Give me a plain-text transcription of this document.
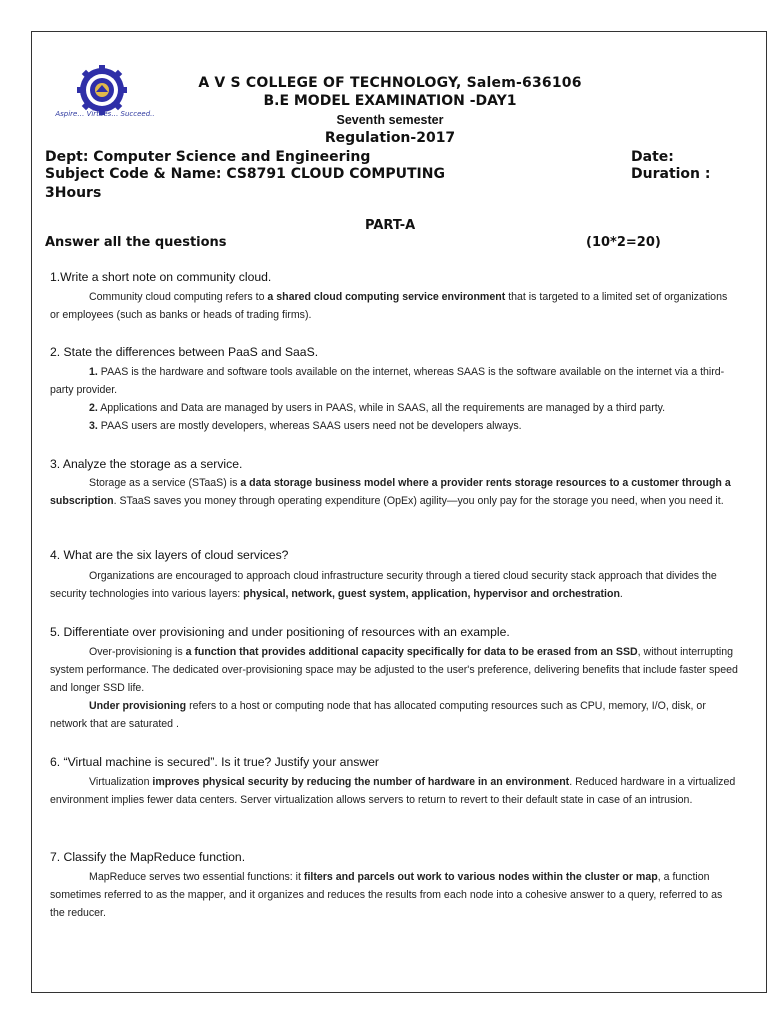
Aspire… Virtues… Succeed..
A V S COLLEGE OF TECHNOLOGY, Salem-636106
B.E MODEL EXAMINATION -DAY1
Seventh semester
Regulation-2017
Dept: Computer Science and Engineering
Subject Code & Name: CS8791 CLOUD COMPUTING
3Hours
Date:
Duration :
PART-A
Answer all the questions	(10*2=20)
1.Write a short note on community cloud.

Community cloud computing refers to a shared cloud computing service environment that is targeted to a limited set of organizations or employees (such as banks or heads of trading firms).

2. State the differences between PaaS and SaaS.

1. PAAS is the hardware and software tools available on the internet, whereas SAAS is the software available on the internet via a third-party provider.

2. Applications and Data are managed by users in PAAS, while in SAAS, all the requirements are managed by a third party.

3. PAAS users are mostly developers, whereas SAAS users need not be developers always.

3. Analyze the storage as a service.

Storage as a service (STaaS) is a data storage business model where a provider rents storage resources to a customer through a subscription. STaaS saves you money through operating expenditure (OpEx) agility—you only pay for the storage you need, when you need it.

4. What are the six layers of cloud services?

Organizations are encouraged to approach cloud infrastructure security through a tiered cloud security stack approach that divides the security technologies into various layers: physical, network, guest system, application, hypervisor and orchestration.

5. Differentiate over provisioning and under positioning of resources with an example.

Over-provisioning is a function that provides additional capacity specifically for data to be erased from an SSD, without interrupting system performance. The dedicated over-provisioning space may be adjusted to the user's preference, delivering benefits that include faster speed and longer SSD life.

Under provisioning refers to a host or computing node that has allocated computing resources such as CPU, memory, I/O, disk, or network that are saturated .

6. “Virtual machine is secured”. Is it true? Justify your answer

Virtualization improves physical security by reducing the number of hardware in an environment. Reduced hardware in a virtualized environment implies fewer data centers. Server virtualization allows servers to return to revert to their default state in case of an intrusion.

7. Classify the MapReduce function.

MapReduce serves two essential functions: it filters and parcels out work to various nodes within the cluster or map, a function sometimes referred to as the mapper, and it organizes and reduces the results from each node into a cohesive answer to a query, referred to as the reducer.
